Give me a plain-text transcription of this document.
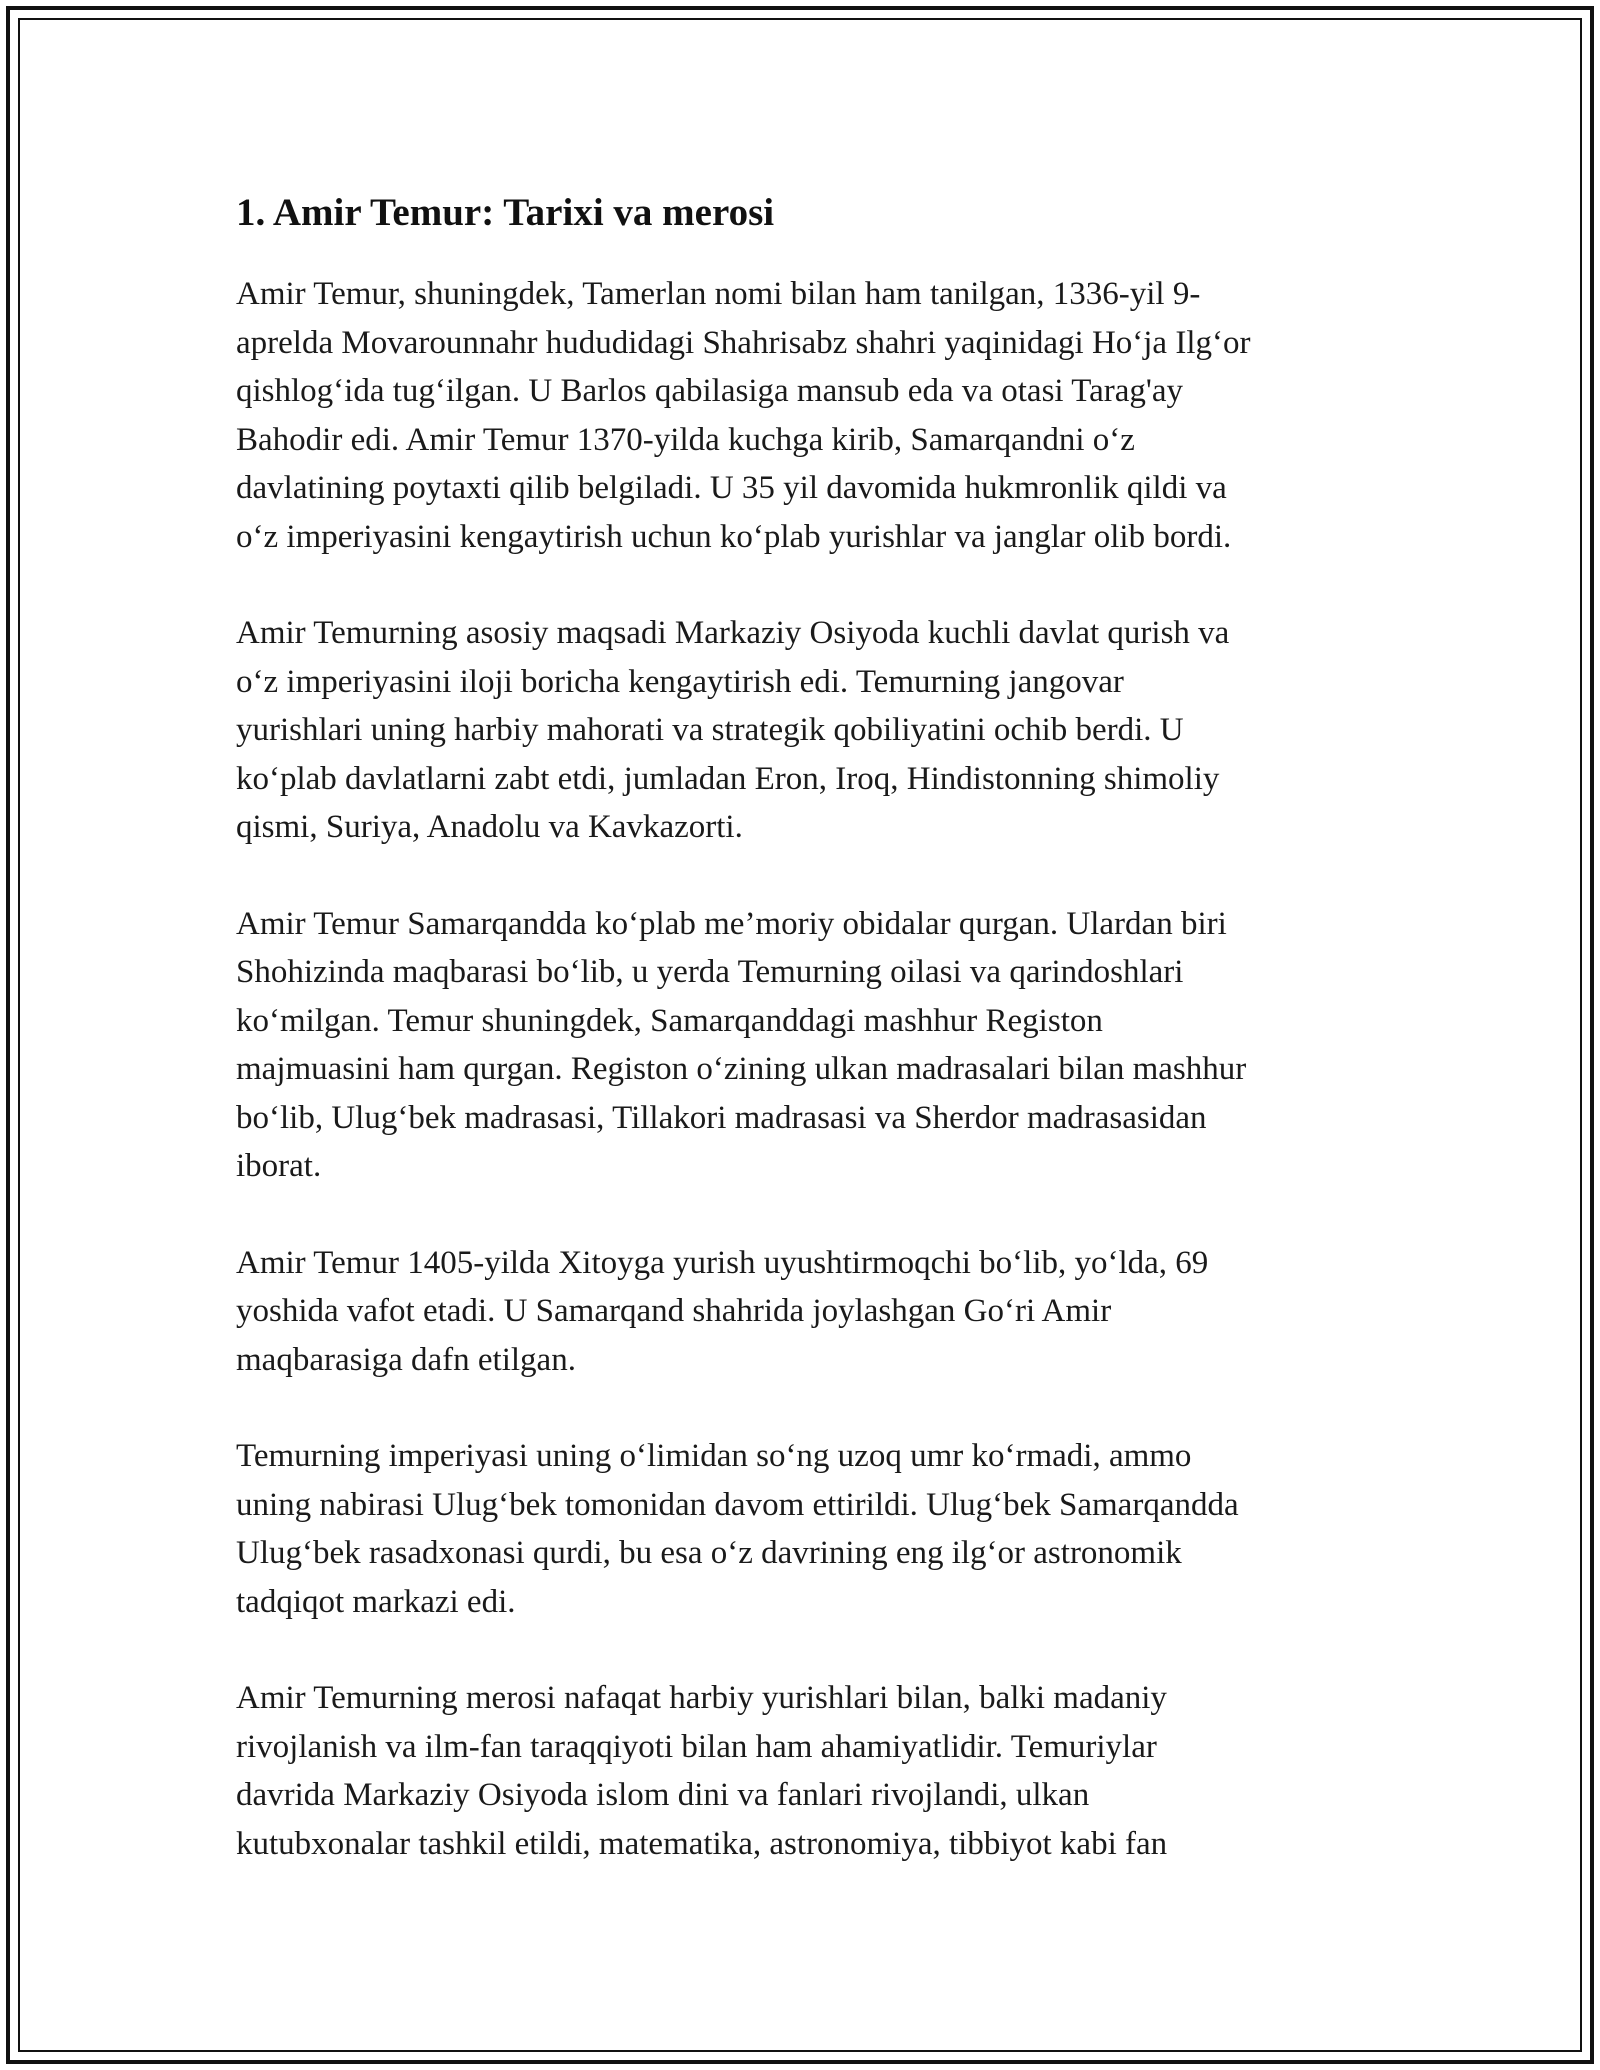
1. Amir Temur: Tarixi va merosi

Amir Temur, shuningdek, Tamerlan nomi bilan ham tanilgan, 1336-yil 9-
aprelda Movarounnahr hududidagi Shahrisabz shahri yaqinidagi Ho‘ja Ilg‘or
qishlog‘ida tug‘ilgan. U Barlos qabilasiga mansub eda va otasi Tarag'ay
Bahodir edi. Amir Temur 1370-yilda kuchga kirib, Samarqandni o‘z
davlatining poytaxti qilib belgiladi. U 35 yil davomida hukmronlik qildi va
o‘z imperiyasini kengaytirish uchun ko‘plab yurishlar va janglar olib bordi.

Amir Temurning asosiy maqsadi Markaziy Osiyoda kuchli davlat qurish va
o‘z imperiyasini iloji boricha kengaytirish edi. Temurning jangovar
yurishlari uning harbiy mahorati va strategik qobiliyatini ochib berdi. U
ko‘plab davlatlarni zabt etdi, jumladan Eron, Iroq, Hindistonning shimoliy
qismi, Suriya, Anadolu va Kavkazorti.

Amir Temur Samarqandda ko‘plab me’moriy obidalar qurgan. Ulardan biri
Shohizinda maqbarasi bo‘lib, u yerda Temurning oilasi va qarindoshlari
ko‘milgan. Temur shuningdek, Samarqanddagi mashhur Registon
majmuasini ham qurgan. Registon o‘zining ulkan madrasalari bilan mashhur
bo‘lib, Ulug‘bek madrasasi, Tillakori madrasasi va Sherdor madrasasidan
iborat.

Amir Temur 1405-yilda Xitoyga yurish uyushtirmoqchi bo‘lib, yo‘lda, 69
yoshida vafot etadi. U Samarqand shahrida joylashgan Go‘ri Amir
maqbarasiga dafn etilgan.

Temurning imperiyasi uning o‘limidan so‘ng uzoq umr ko‘rmadi, ammo
uning nabirasi Ulug‘bek tomonidan davom ettirildi. Ulug‘bek Samarqandda
Ulug‘bek rasadxonasi qurdi, bu esa o‘z davrining eng ilg‘or astronomik
tadqiqot markazi edi.

Amir Temurning merosi nafaqat harbiy yurishlari bilan, balki madaniy
rivojlanish va ilm-fan taraqqiyoti bilan ham ahamiyatlidir. Temuriylar
davrida Markaziy Osiyoda islom dini va fanlari rivojlandi, ulkan
kutubxonalar tashkil etildi, matematika, astronomiya, tibbiyot kabi fan
